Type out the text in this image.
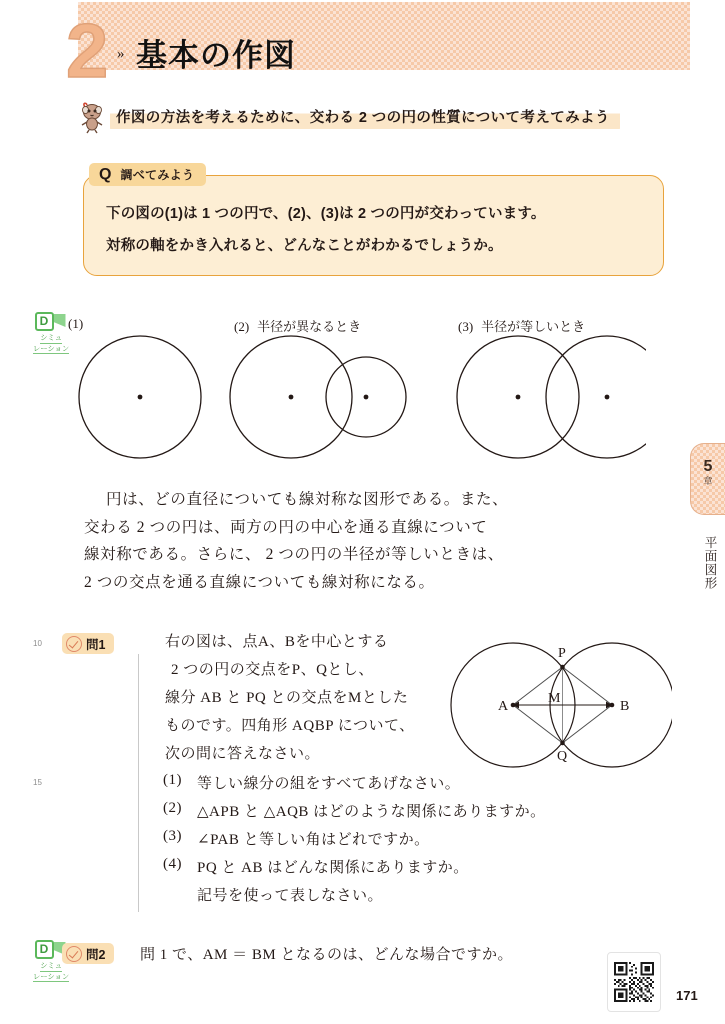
2 » 基本の作図
作図の方法を考えるために、交わる 2 つの円の性質について考えてみよう
Q 調べてみよう

下の図の(1)は 1 つの円で、(2)、(3)は 2 つの円が交わっています。

対称の軸をかき入れると、どんなことがわかるでしょうか。

D
シミュ
レーション
(1)	(2) 半径が異なるとき	(3) 半径が等しいとき

円は、どの直径についても線対称な図形である。また、

交わる 2 つの円は、両方の円の中心を通る直線について

線対称である。さらに、 2 つの円の半径が等しいときは、

2 つの交点を通る直線についても線対称になる。

10
15
問1	右の図は、点A、Bを中心とする

2 つの円の交点をP、Qとし、

線分 AB と PQ との交点をMとした

ものです。四角形 AQBP について、

次の問に答えなさい。

(1)	等しい線分の組をすべてあげなさい。
(2)	△APB と △AQB はどのような関係にありますか。
(3)	∠PAB と等しい角はどれですか。
(4)	PQ と AB はどんな関係にありますか。
記号を使って表しなさい。
A	B
P
Q
M
D
シミュ
レーション
問2 問 1 で、AM ＝ BM となるのは、どんな場合ですか。
5
章
平面図形
171
